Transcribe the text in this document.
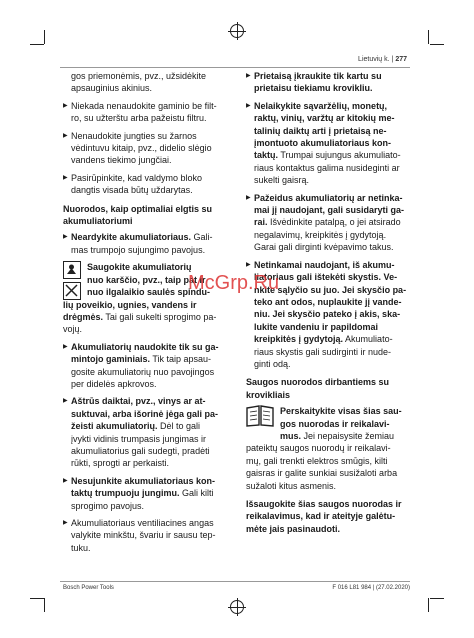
Lietuvių k. | 277

gos priemonėmis, pvz., užsidėkite

apsauginius akinius.

▶ Niekada nenaudokite gaminio be filt-
ro, su užterštu arba pažeistu filtru.
▶ Nenaudokite jungties su žarnos
vėdintuvu kitaip, pvz., dideliо slėgio
vandens tiekimo jungčiai.
▶ Pasirūpinkite, kad valdymo bloko
dangtis visada būtų uždarytas.
Nuorodos, kaip optimaliai elgtis su
akumuliatoriumi
▶ Neardykite akumuliatoriaus. Gali-
mas trumpojo sujungimo pavojus.
Saugokite akumuliatorių
nuo karščio, pvz., taip pat ir
nuo ilgalaikio saulės spindu-
lių poveikio, ugnies, vandens ir
drėgmės. Tai gali sukelti sprogimo pa-
vojų.
▶ Akumuliatorių naudokite tik su ga-
mintojo gaminiais. Tik taip apsau-
gosite akumuliatorių nuo pavojingos
per didelės apkrovos.
▶ Aštrūs daiktai, pvz., vinys ar at-
suktuvai, arba išorinė jėga gali pa-
žeisti akumuliatorių. Dėl to gali
įvykti vidinis trumpasis jungimas ir
akumuliatorius gali sudegti, pradėti
rūkti, sprogti ar perkaisti.
▶ Nesujunkite akumuliatoriaus kon-
taktų trumpuoju jungimu. Gali kilti
sprogimo pavojus.
▶ Akumuliatoriaus ventiliacines angas
valykite minkštu, švariu ir sausu tep-
tuku.
▶ Prietaisą įkraukite tik kartu su
prietaisu tiekiamu krovikliu.
▶ Nelaikykite sąvaržėlių, monetų,
raktų, vinių, varžtų ar kitokių me-
talinių daiktų arti į prietaisą ne-
įmontuoto akumuliatoriaus kon-
taktų. Trumpai sujungus akumuliato-
riaus kontaktus galima nusideginti ar
sukelti gaisrą.
▶ Pažeidus akumuliatorių ar netinka-
mai jį naudojant, gali susidaryti ga-
rai. Išvėdinkite patalpą, o jei atsirado
negalavimų, kreipkitės į gydytoją.
Garai gali dirginti kvėpavimo takus.
▶ Netinkamai naudojant, iš akumu-
liatoriaus gali ištekėti skystis. Ve-
nkite sąlyčio su juo. Jei skysčio pa-
teko ant odos, nuplaukite jį vande-
niu. Jei skysčio pateko į akis, ska-
lukite vandeniu ir papildomai
kreipkitės į gydytoją. Akumuliato-
riaus skystis gali sudirginti ir nude-
ginti odą.
Saugos nuorodos dirbantiems su
krovikliais
Perskaitykite visas šias sau-
gos nuorodas ir reikalavi-
mus. Jei nepaisysite žemiau
pateiktų saugos nuorodų ir reikalavi-
mų, gali trenkti elektros smūgis, kilti
gaisras ir galite sunkiai susižaloti arba
sužaloti kitus asmenis.
Išsaugokite šias saugos nuorodas ir
reikalavimus, kad ir ateityje galėtu-
mėte jais pasinaudoti.
McGrp.Ru
Bosch Power Tools	F 016 L81 984 | (27.02.2020)
